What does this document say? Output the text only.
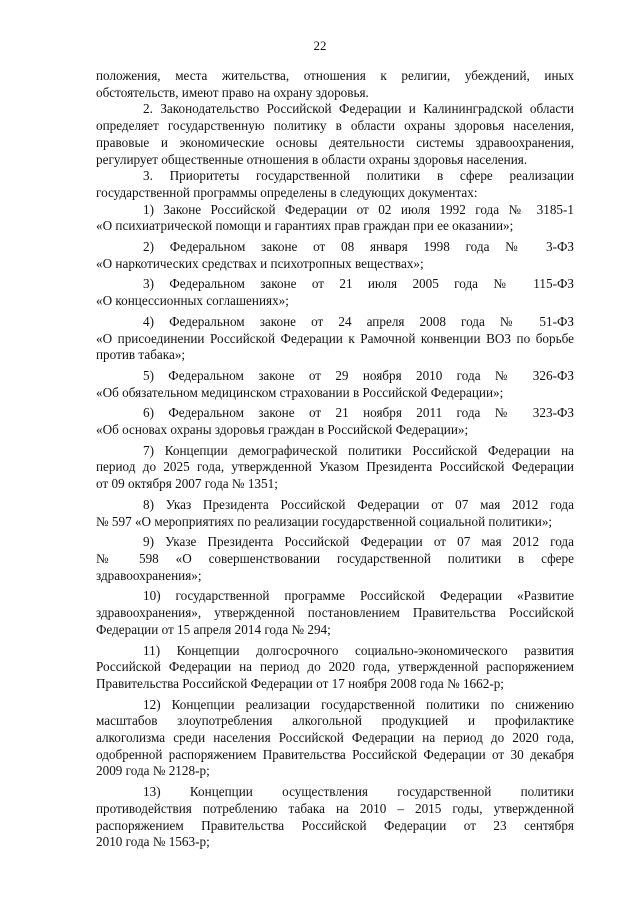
22
положения, места жительства, отношения к религии, убеждений, иных
обстоятельств, имеют право на охрану здоровья.
2. Законодательство Российской Федерации и Калининградской области
определяет государственную политику в области охраны здоровья населения,
правовые и экономические основы деятельности системы здравоохранения,
регулирует общественные отношения в области охраны здоровья населения.
3. Приоритеты государственной политики в сфере реализации
государственной программы определены в следующих документах:
1) Законе Российской Федерации от 02 июля 1992 года № 3185-1
«О психиатрической помощи и гарантиях прав граждан при ее оказании»;
2) Федеральном законе от 08 января 1998 года № 3-ФЗ
«О наркотических средствах и психотропных веществах»;
3) Федеральном законе от 21 июля 2005 года № 115-ФЗ
«О концессионных соглашениях»;
4) Федеральном законе от 24 апреля 2008 года № 51-ФЗ
«О присоединении Российской Федерации к Рамочной конвенции ВОЗ по борьбе
против табака»;
5) Федеральном законе от 29 ноября 2010 года № 326-ФЗ
«Об обязательном медицинском страховании в Российской Федерации»;
6) Федеральном законе от 21 ноября 2011 года № 323-ФЗ
«Об основах охраны здоровья граждан в Российской Федерации»;
7) Концепции демографической политики Российской Федерации на
период до 2025 года, утвержденной Указом Президента Российской Федерации
от 09 октября 2007 года № 1351;
8) Указ Президента Российской Федерации от 07 мая 2012 года
№ 597 «О мероприятиях по реализации государственной социальной политики»;
9) Указе Президента Российской Федерации от 07 мая 2012 года
№ 598 «О совершенствовании государственной политики в сфере
здравоохранения»;
10) государственной программе Российской Федерации «Развитие
здравоохранения», утвержденной постановлением Правительства Российской
Федерации от 15 апреля 2014 года № 294;
11) Концепции долгосрочного социально-экономического развития
Российской Федерации на период до 2020 года, утвержденной распоряжением
Правительства Российской Федерации от 17 ноября 2008 года № 1662-р;
12) Концепции реализации государственной политики по снижению
масштабов злоупотребления алкогольной продукцией и профилактике
алкоголизма среди населения Российской Федерации на период до 2020 года,
одобренной распоряжением Правительства Российской Федерации от 30 декабря
2009 года № 2128-р;
13) Концепции осуществления государственной политики
противодействия потреблению табака на 2010 – 2015 годы, утвержденной
распоряжением Правительства Российской Федерации от 23 сентября
2010 года № 1563-р;
